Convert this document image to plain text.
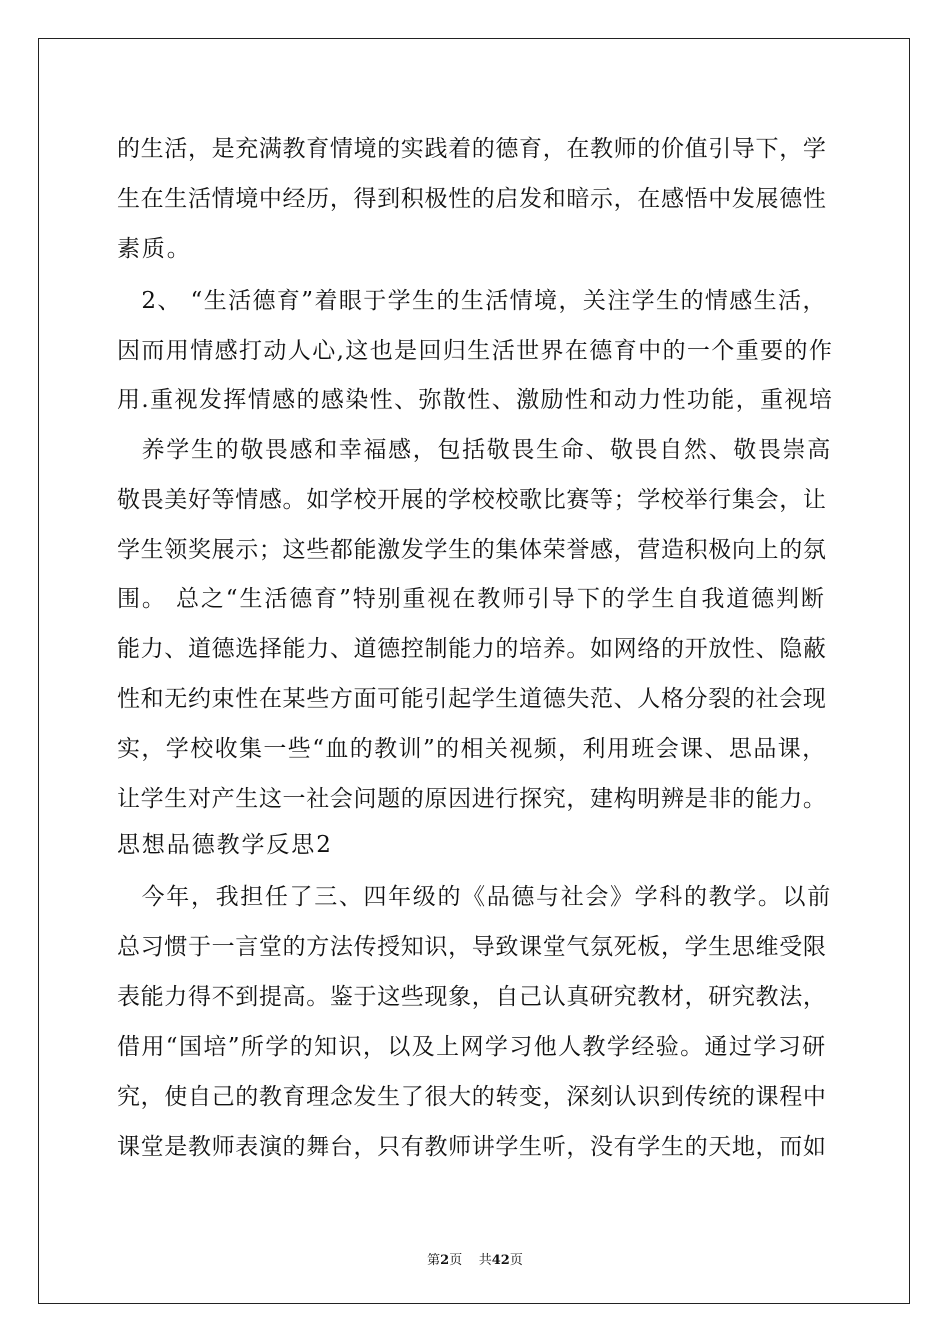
的生活，是充满教育情境的实践着的德育，在教师的价值引导下，学
生在生活情境中经历，得到积极性的启发和暗示，在感悟中发展德性
素质。
　2、 “生活德育”着眼于学生的生活情境，关注学生的情感生活，
因而用情感打动人心,这也是回归生活世界在德育中的一个重要的作
用.重视发挥情感的感染性、弥散性、激励性和动力性功能，重视培
　养学生的敬畏感和幸福感，包括敬畏生命、敬畏自然、敬畏崇高
敬畏美好等情感。如学校开展的学校校歌比赛等；学校举行集会，让
学生领奖展示；这些都能激发学生的集体荣誉感，营造积极向上的氛
围。 总之“生活德育”特别重视在教师引导下的学生自我道德判断
能力、道德选择能力、道德控制能力的培养。如网络的开放性、隐蔽
性和无约束性在某些方面可能引起学生道德失范、人格分裂的社会现
实，学校收集一些“血的教训”的相关视频，利用班会课、思品课，
让学生对产生这一社会问题的原因进行探究，建构明辨是非的能力。
思想品德教学反思2
　今年，我担任了三、四年级的《品德与社会》学科的教学。以前
总习惯于一言堂的方法传授知识，导致课堂气氛死板，学生思维受限
表能力得不到提高。鉴于这些现象，自己认真研究教材，研究教法，
借用“国培”所学的知识，以及上网学习他人教学经验。通过学习研
究，使自己的教育理念发生了很大的转变，深刻认识到传统的课程中
课堂是教师表演的舞台，只有教师讲学生听，没有学生的天地，而如
第2页 共42页
